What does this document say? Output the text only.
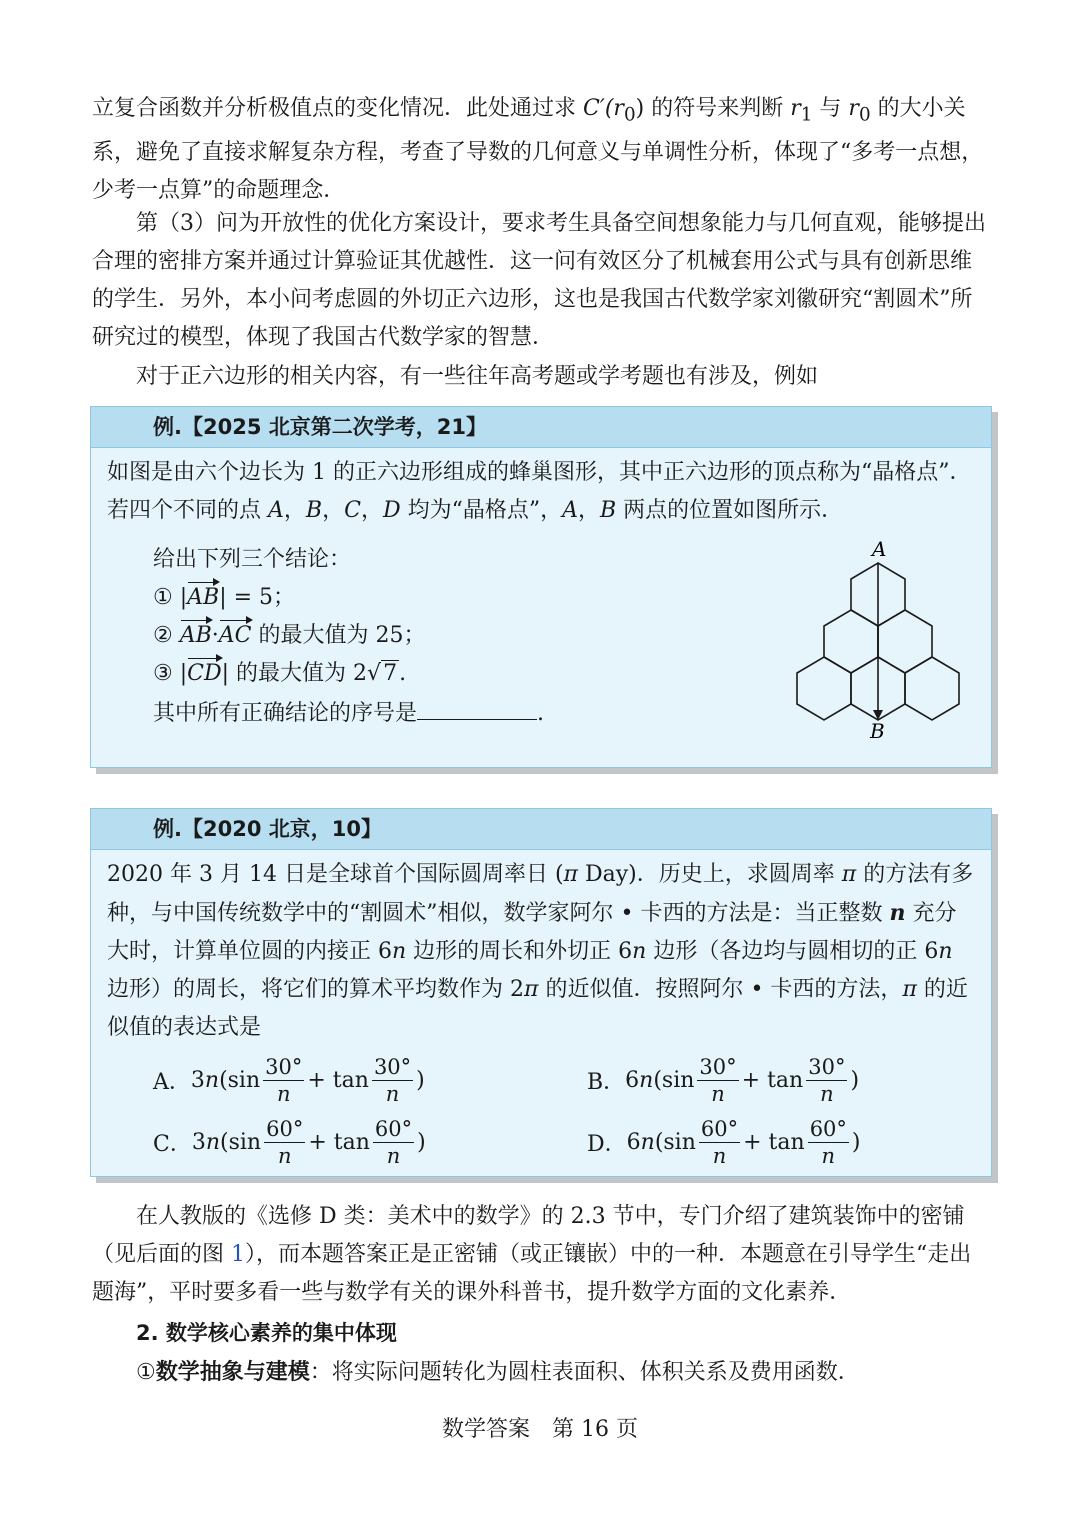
立复合函数并分析极值点的变化情况．此处通过求 $C'(r_0)$ 的符号来判断 $r_1$ 与 $r_0$ 的大小关系，避免了直接求解复杂方程，考查了导数的几何意义与单调性分析，体现了“多考一点想，少考一点算”的命题理念．

第（3）问为开放性的优化方案设计，要求考生具备空间想象能力与几何直观，能够提出合理的密排方案并通过计算验证其优越性．这一问有效区分了机械套用公式与具有创新思维的学生．另外，本小问考虑圆的外切正六边形，这也是我国古代数学家刘徽研究“割圆术”所研究过的模型，体现了我国古代数学家的智慧．

对于正六边形的相关内容，有一些往年高考题或学考题也有涉及，例如

例.【2025 北京第二次学考，21】

如图是由六个边长为 1 的正六边形组成的蜂巢图形，其中正六边形的顶点称为“晶格点”．若四个不同的点 A，B，C，D 均为“晶格点”，A，B 两点的位置如图所示．

给出下列三个结论：
① |AB| = 5；
② AB·AC 的最大值为 25；
③ |CD| 的最大值为 2√7.
其中所有正确结论的序号是	.
A
B
例.【2020 北京，10】

2020 年 3 月 14 日是全球首个国际圆周率日 (π Day)．历史上，求圆周率 π 的方法有多种，与中国传统数学中的“割圆术”相似，数学家阿尔 • 卡西的方法是：当正整数 n 充分大时，计算单位圆的内接正 6n 边形的周长和外切正 6n 边形（各边均与圆相切的正 6n 边形）的周长，将它们的算术平均数作为 2π 的近似值．按照阿尔 • 卡西的方法，π 的近似值的表达式是

A． 3 n ($\sin \frac{30^\circ}{n} + \tan \frac{30^\circ}{n}$ )	B． 6 n ($\sin \frac{30^\circ}{n} + \tan \frac{30^\circ}{n}$ )
C． 3 n ($\sin \frac{60^\circ}{n} + \tan \frac{60^\circ}{n}$ )	D． 6 n ($\sin \frac{60^\circ}{n} + \tan \frac{60^\circ}{n}$ )

在人教版的《选修 D 类：美术中的数学》的 2.3 节中，专门介绍了建筑装饰中的密铺（见后面的图 1），而本题答案正是正密铺（或正镶嵌）中的一种．本题意在引导学生“走出题海”，平时要多看一些与数学有关的课外科普书，提升数学方面的文化素养．

2. 数学核心素养的集中体现

①数学抽象与建模：将实际问题转化为圆柱表面积、体积关系及费用函数．

数学答案　第 16 页
